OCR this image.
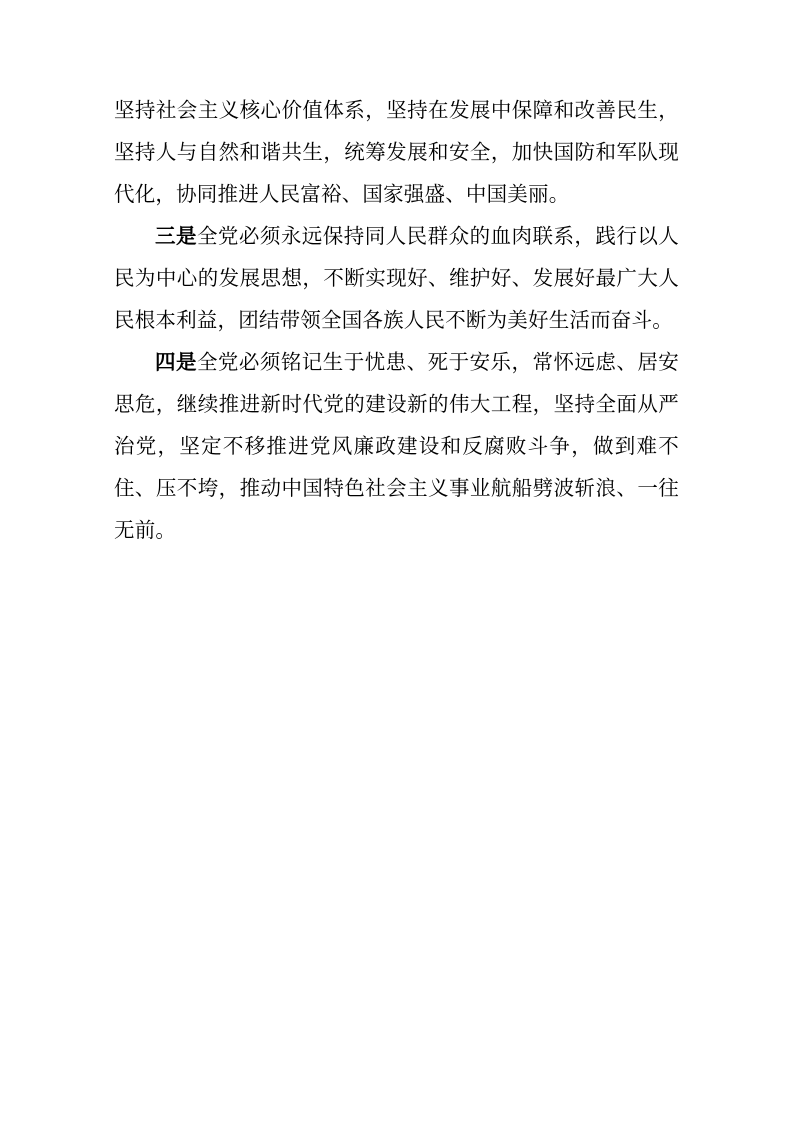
坚持社会主义核心价值体系，坚持在发展中保障和改善民生，坚持人与自然和谐共生，统筹发展和安全，加快国防和军队现代化，协同推进人民富裕、国家强盛、中国美丽。

三是全党必须永远保持同人民群众的血肉联系，践行以人民为中心的发展思想，不断实现好、维护好、发展好最广大人民根本利益，团结带领全国各族人民不断为美好生活而奋斗。

四是全党必须铭记生于忧患、死于安乐，常怀远虑、居安思危，继续推进新时代党的建设新的伟大工程，坚持全面从严治党，坚定不移推进党风廉政建设和反腐败斗争，做到难不住、压不垮，推动中国特色社会主义事业航船劈波斩浪、一往无前。
